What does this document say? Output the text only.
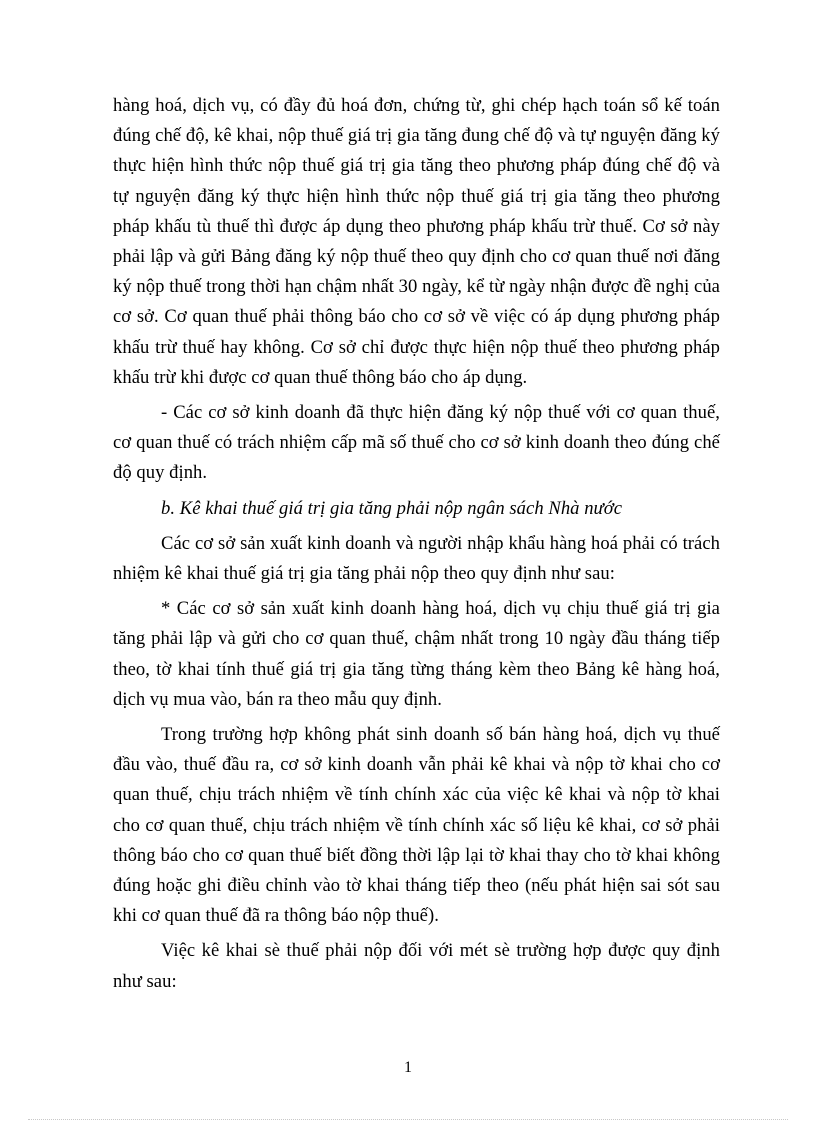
hàng hoá, dịch vụ, có đầy đủ hoá đơn, chứng từ, ghi chép hạch toán sổ kế toán đúng chế độ, kê khai, nộp thuế giá trị gia tăng đung chế độ và tự nguyện đăng ký thực hiện hình thức nộp thuế giá trị gia tăng theo phương pháp đúng chế độ và tự nguyện đăng ký thực hiện hình thức nộp thuế giá trị gia tăng theo phương pháp khấu tù thuế thì được áp dụng theo phương pháp khấu trừ thuế. Cơ sở này phải lập và gửi Bảng đăng ký nộp thuế theo quy định cho cơ quan thuế nơi đăng ký nộp thuế trong thời hạn chậm nhất 30 ngày, kể từ ngày nhận được đề nghị của cơ sở. Cơ quan thuế phải thông báo cho cơ sở về việc có áp dụng phương pháp khấu trừ thuế hay không. Cơ sở chỉ được thực hiện nộp thuế theo phương pháp khấu trừ khi được cơ quan thuế thông báo cho áp dụng.

- Các cơ sở kinh doanh đã thực hiện đăng ký nộp thuế với cơ quan thuế, cơ quan thuế có trách nhiệm cấp mã số thuế cho cơ sở kinh doanh theo đúng chế độ quy định.

b. Kê khai thuế giá trị gia tăng phải nộp ngân sách Nhà nước

Các cơ sở sản xuất kinh doanh và người nhập khẩu hàng hoá phải có trách nhiệm kê khai thuế giá trị gia tăng phải nộp theo quy định như sau:

* Các cơ sở sản xuất kinh doanh hàng hoá, dịch vụ chịu thuế giá trị gia tăng phải lập và gửi cho cơ quan thuế, chậm nhất trong 10 ngày đầu tháng tiếp theo, tờ khai tính thuế giá trị gia tăng từng tháng kèm theo Bảng kê hàng hoá, dịch vụ mua vào, bán ra theo mẫu quy định.

Trong trường hợp không phát sinh doanh số bán hàng hoá, dịch vụ thuế đầu vào, thuế đầu ra, cơ sở kinh doanh vẫn phải kê khai và nộp tờ khai cho cơ quan thuế, chịu trách nhiệm về tính chính xác của việc kê khai và nộp tờ khai cho cơ quan thuế, chịu trách nhiệm về tính chính xác số liệu kê khai, cơ sở phải thông báo cho cơ quan thuế biết đồng thời lập lại tờ khai thay cho tờ khai không đúng hoặc ghi điều chỉnh vào tờ khai tháng tiếp theo (nếu phát hiện sai sót sau khi cơ quan thuế đã ra thông báo nộp thuế).

Việc kê khai sè thuế phải nộp đối với mét sè trường hợp được quy định như sau:

1
